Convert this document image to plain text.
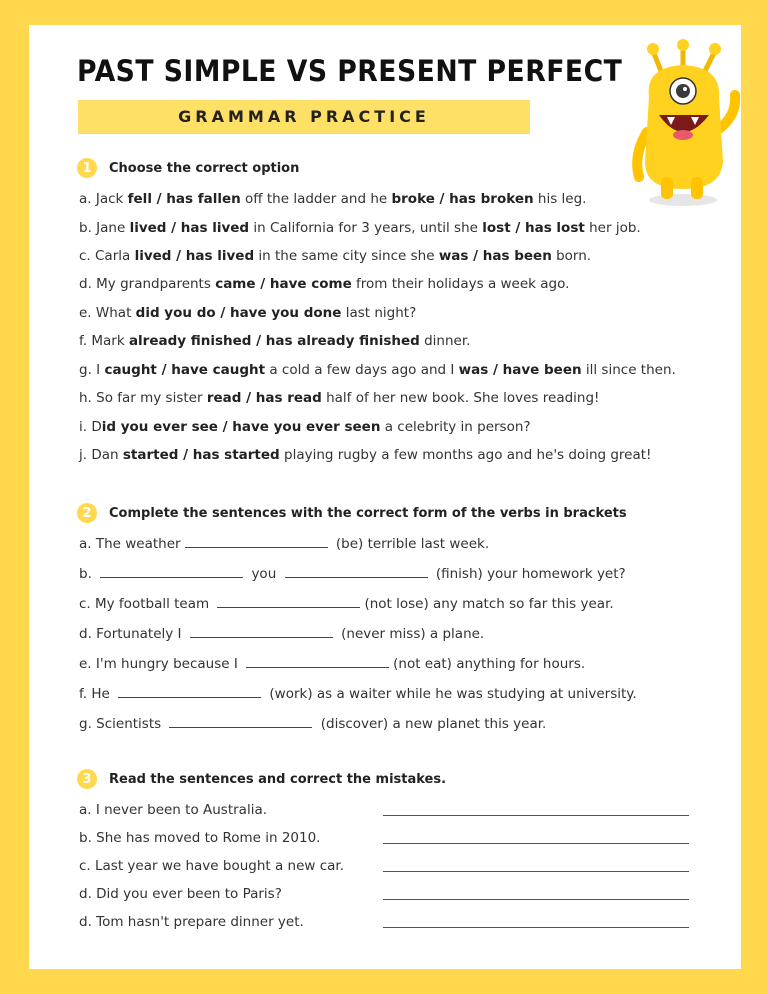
PAST SIMPLE VS PRESENT PERFECT
GRAMMAR PRACTICE
1	Choose the correct option
a. Jack fell / has fallen off the ladder and he broke / has broken his leg.
b. Jane lived / has lived in California for 3 years, until she lost / has lost her job.
c. Carla lived / has lived in the same city since she was / has been born.
d. My grandparents came / have come from their holidays a week ago.
e. What did you do / have you done last night?
f. Mark already finished / has already finished dinner.
g. I caught / have caught a cold a few days ago and I was / have been ill since then.
h. So far my sister read / has read half of her new book. She loves reading!
i. Did you ever see / have you ever seen a celebrity in person?
j. Dan started / has started playing rugby a few months ago and he's doing great!
2	Complete the sentences with the correct form of the verbs in brackets
a. The weather	(be) terrible last week.
b.	you	(finish) your homework yet?
c. My football team	(not lose) any match so far this year.
d. Fortunately I	(never miss) a plane.
e. I'm hungry because I	(not eat) anything for hours.
f. He	(work) as a waiter while he was studying at university.
g. Scientists	(discover) a new planet this year.
3	Read the sentences and correct the mistakes.
a. I never been to Australia.
b. She has moved to Rome in 2010.
c. Last year we have bought a new car.
d. Did you ever been to Paris?
d. Tom hasn't prepare dinner yet.
